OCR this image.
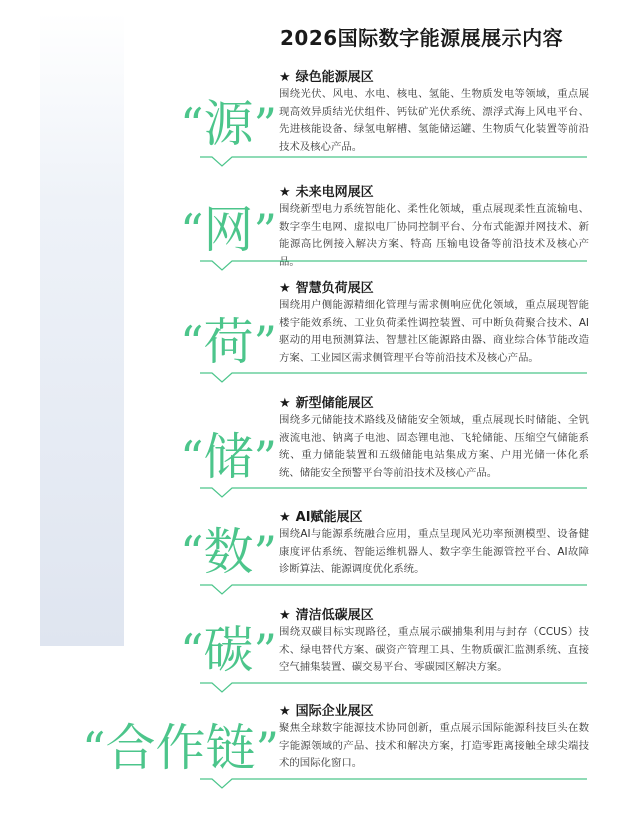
2026国际数字能源展展示内容
★ 绿色能源展区
围绕光伏、风电、水电、核电、氢能、生物质发电等领域，重点展现高效异质结光伏组件、钙钛矿光伏系统、漂浮式海上风电平台、先进核能设备、绿氢电解槽、氢能储运罐、生物质气化装置等前沿技术及核心产品。
“源”
★ 未来电网展区
围绕新型电力系统智能化、柔性化领域，重点展现柔性直流输电、数字孪生电网、虚拟电厂协同控制平台、分布式能源并网技术、新能源高比例接入解决方案、特高 压输电设备等前沿技术及核心产品。
“网”
★ 智慧负荷展区
围绕用户侧能源精细化管理与需求侧响应优化领域，重点展现智能楼宇能效系统、工业负荷柔性调控装置、可中断负荷聚合技术、AI驱动的用电预测算法、智慧社区能源路由器、商业综合体节能改造方案、工业园区需求侧管理平台等前沿技术及核心产品。
“荷”
★ 新型储能展区
围绕多元储能技术路线及储能安全领域，重点展现长时储能、全钒液流电池、钠离子电池、固态锂电池、飞轮储能、压缩空气储能系统、重力储能装置和五级储能电站集成方案、户用光储一体化系统、储能安全预警平台等前沿技术及核心产品。
“储”
★ AI赋能展区
围绕AI与能源系统融合应用，重点呈现风光功率预测模型、设备健康度评估系统、智能运维机器人、数字孪生能源管控平台、AI故障诊断算法、能源调度优化系统。
“数”
★ 清洁低碳展区
围绕双碳目标实现路径，重点展示碳捕集利用与封存（CCUS）技术、绿电替代方案、碳资产管理工具、生物质碳汇监测系统、直接空气捕集装置、碳交易平台、零碳园区解决方案。
“碳”
★ 国际企业展区
聚焦全球数字能源技术协同创新，重点展示国际能源科技巨头在数字能源领域的产品、技术和解决方案，打造零距离接触全球尖端技术的国际化窗口。
“合作链”
